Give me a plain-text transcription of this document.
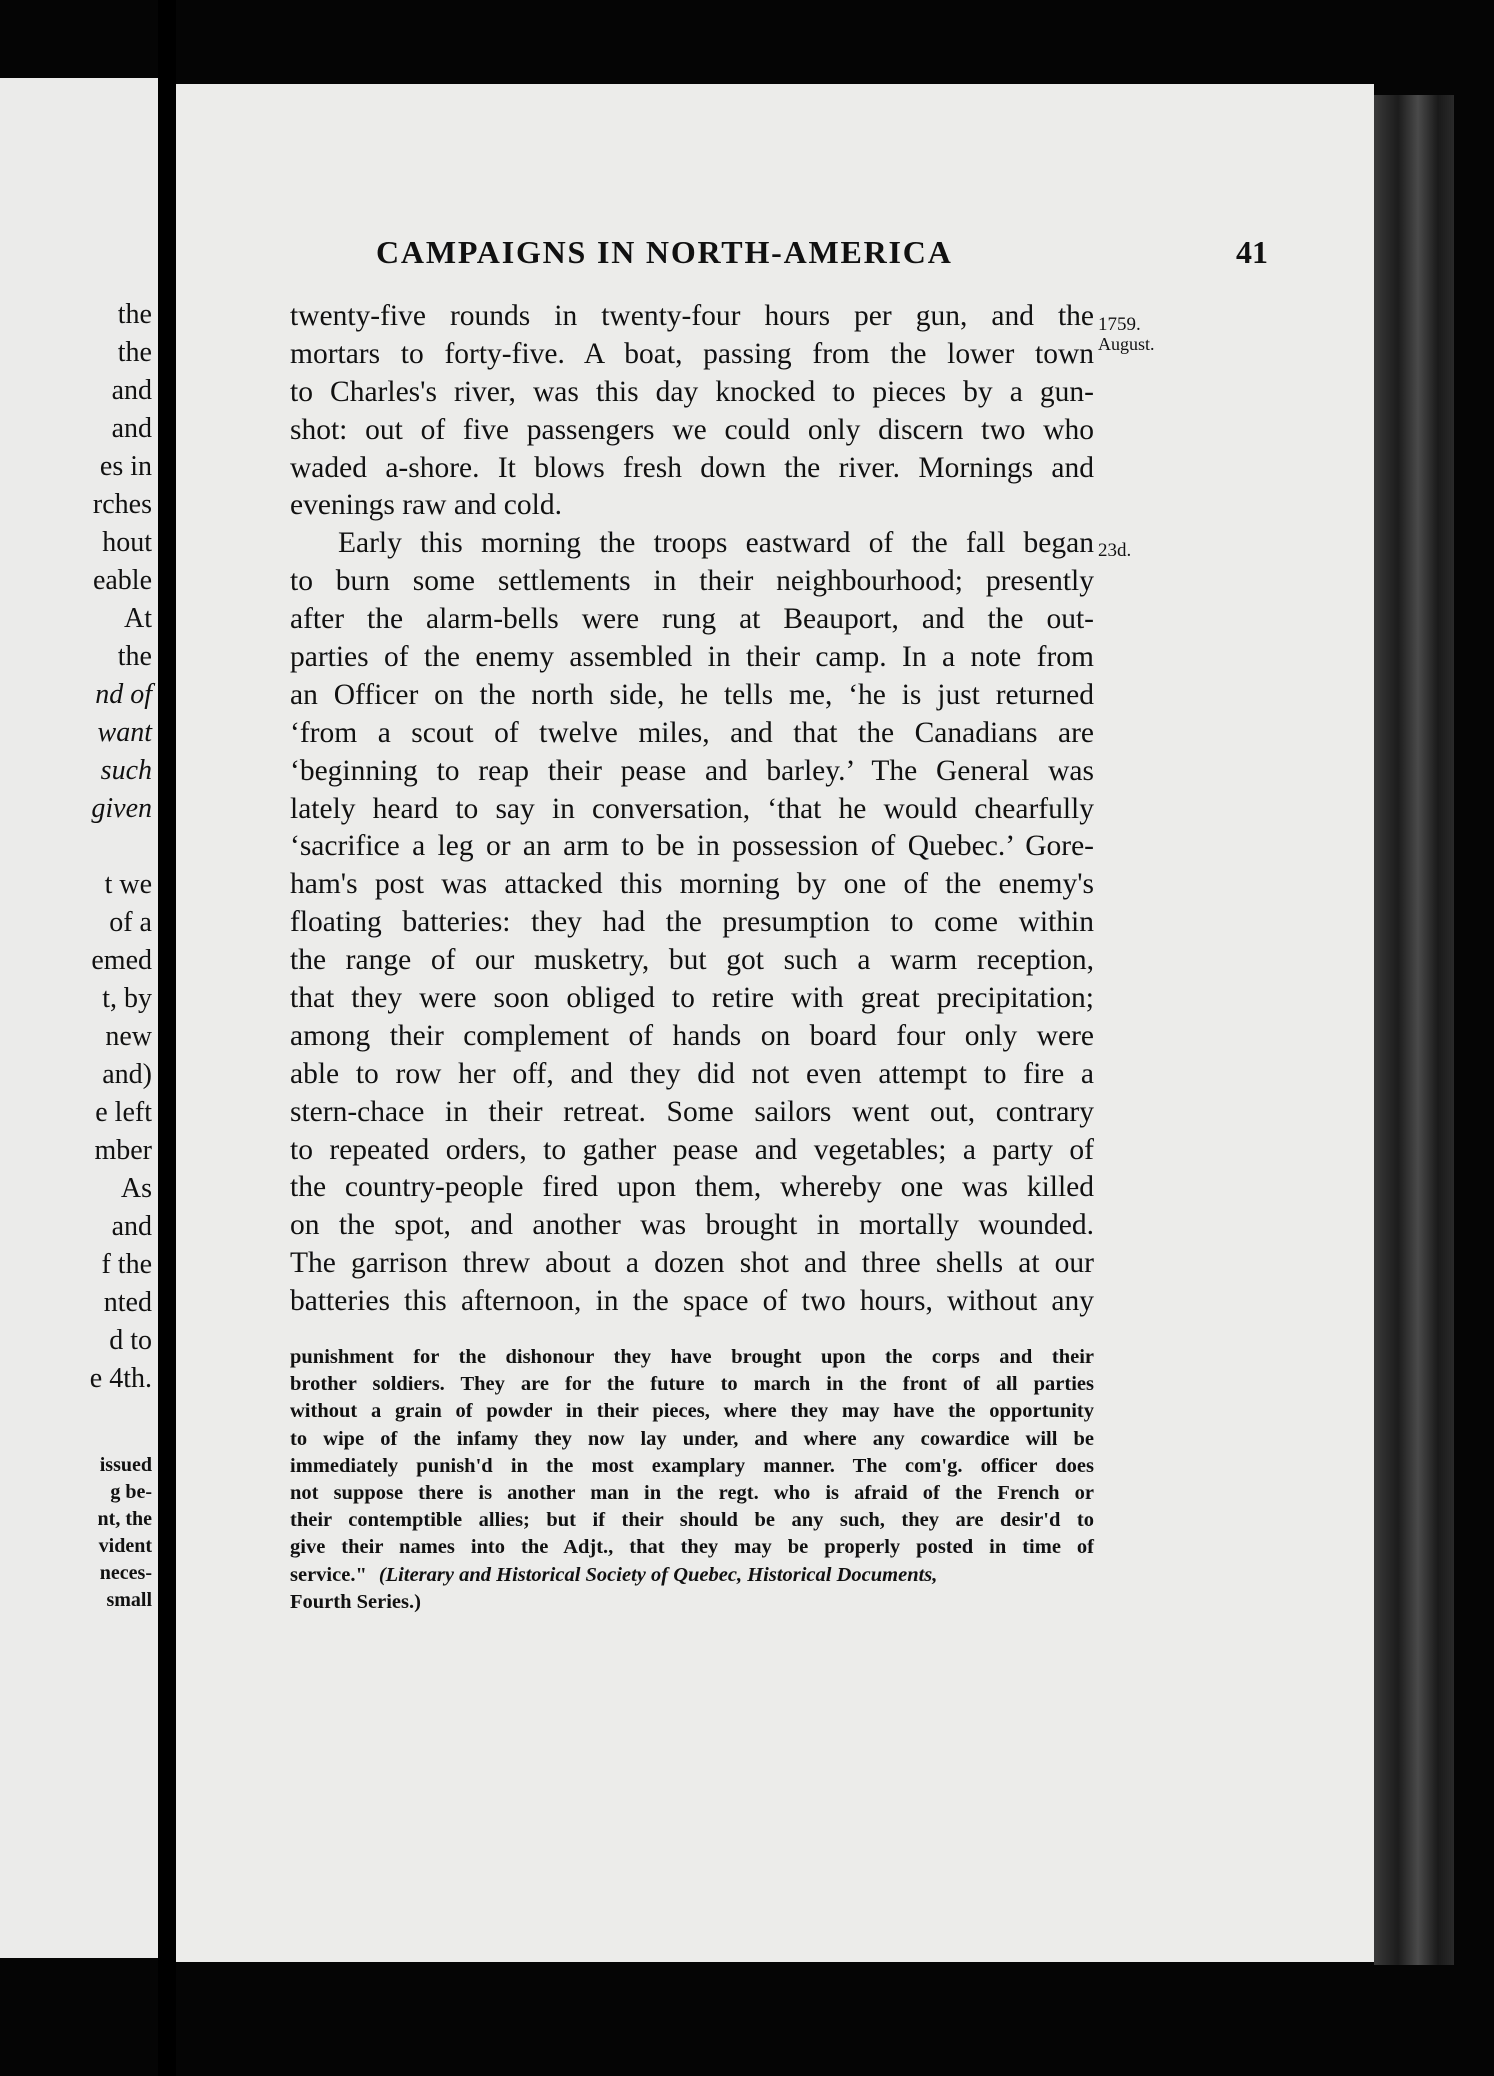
the
the
and
and
es in
rches
hout
eable
At
the
nd of
want
such
given
t we
of a
emed
t, by
new
and)
e left
mber
As
and
f the
nted
d to
e 4th.
issued
g be-
nt, the
vident
neces-
small
CAMPAIGNS IN NORTH-AMERICA	41
1759.
August.
23d.
twenty-five rounds in twenty-four hours per gun, and the
mortars to forty-five. A boat, passing from the lower town
to Charles's river, was this day knocked to pieces by a gun-
shot: out of five passengers we could only discern two who
waded a-shore. It blows fresh down the river. Mornings and
evenings raw and cold.
Early this morning the troops eastward of the fall began
to burn some settlements in their neighbourhood; presently
after the alarm-bells were rung at Beauport, and the out-
parties of the enemy assembled in their camp. In a note from
an Officer on the north side, he tells me, ‘he is just returned
‘from a scout of twelve miles, and that the Canadians are
‘beginning to reap their pease and barley.’ The General was
lately heard to say in conversation, ‘that he would chearfully
‘sacrifice a leg or an arm to be in possession of Quebec.’ Gore-
ham's post was attacked this morning by one of the enemy's
floating batteries: they had the presumption to come within
the range of our musketry, but got such a warm reception,
that they were soon obliged to retire with great precipitation;
among their complement of hands on board four only were
able to row her off, and they did not even attempt to fire a
stern-chace in their retreat. Some sailors went out, contrary
to repeated orders, to gather pease and vegetables; a party of
the country-people fired upon them, whereby one was killed
on the spot, and another was brought in mortally wounded.
The garrison threw about a dozen shot and three shells at our
batteries this afternoon, in the space of two hours, without any
punishment for the dishonour they have brought upon the corps and their
brother soldiers. They are for the future to march in the front of all parties
without a grain of powder in their pieces, where they may have the opportunity
to wipe of the infamy they now lay under, and where any cowardice will be
immediately punish'd in the most examplary manner. The com'g. officer does
not suppose there is another man in the regt. who is afraid of the French or
their contemptible allies; but if their should be any such, they are desir'd to
give their names into the Adjt., that they may be properly posted in time of
service." (Literary and Historical Society of Quebec, Historical Documents,
Fourth Series.)
